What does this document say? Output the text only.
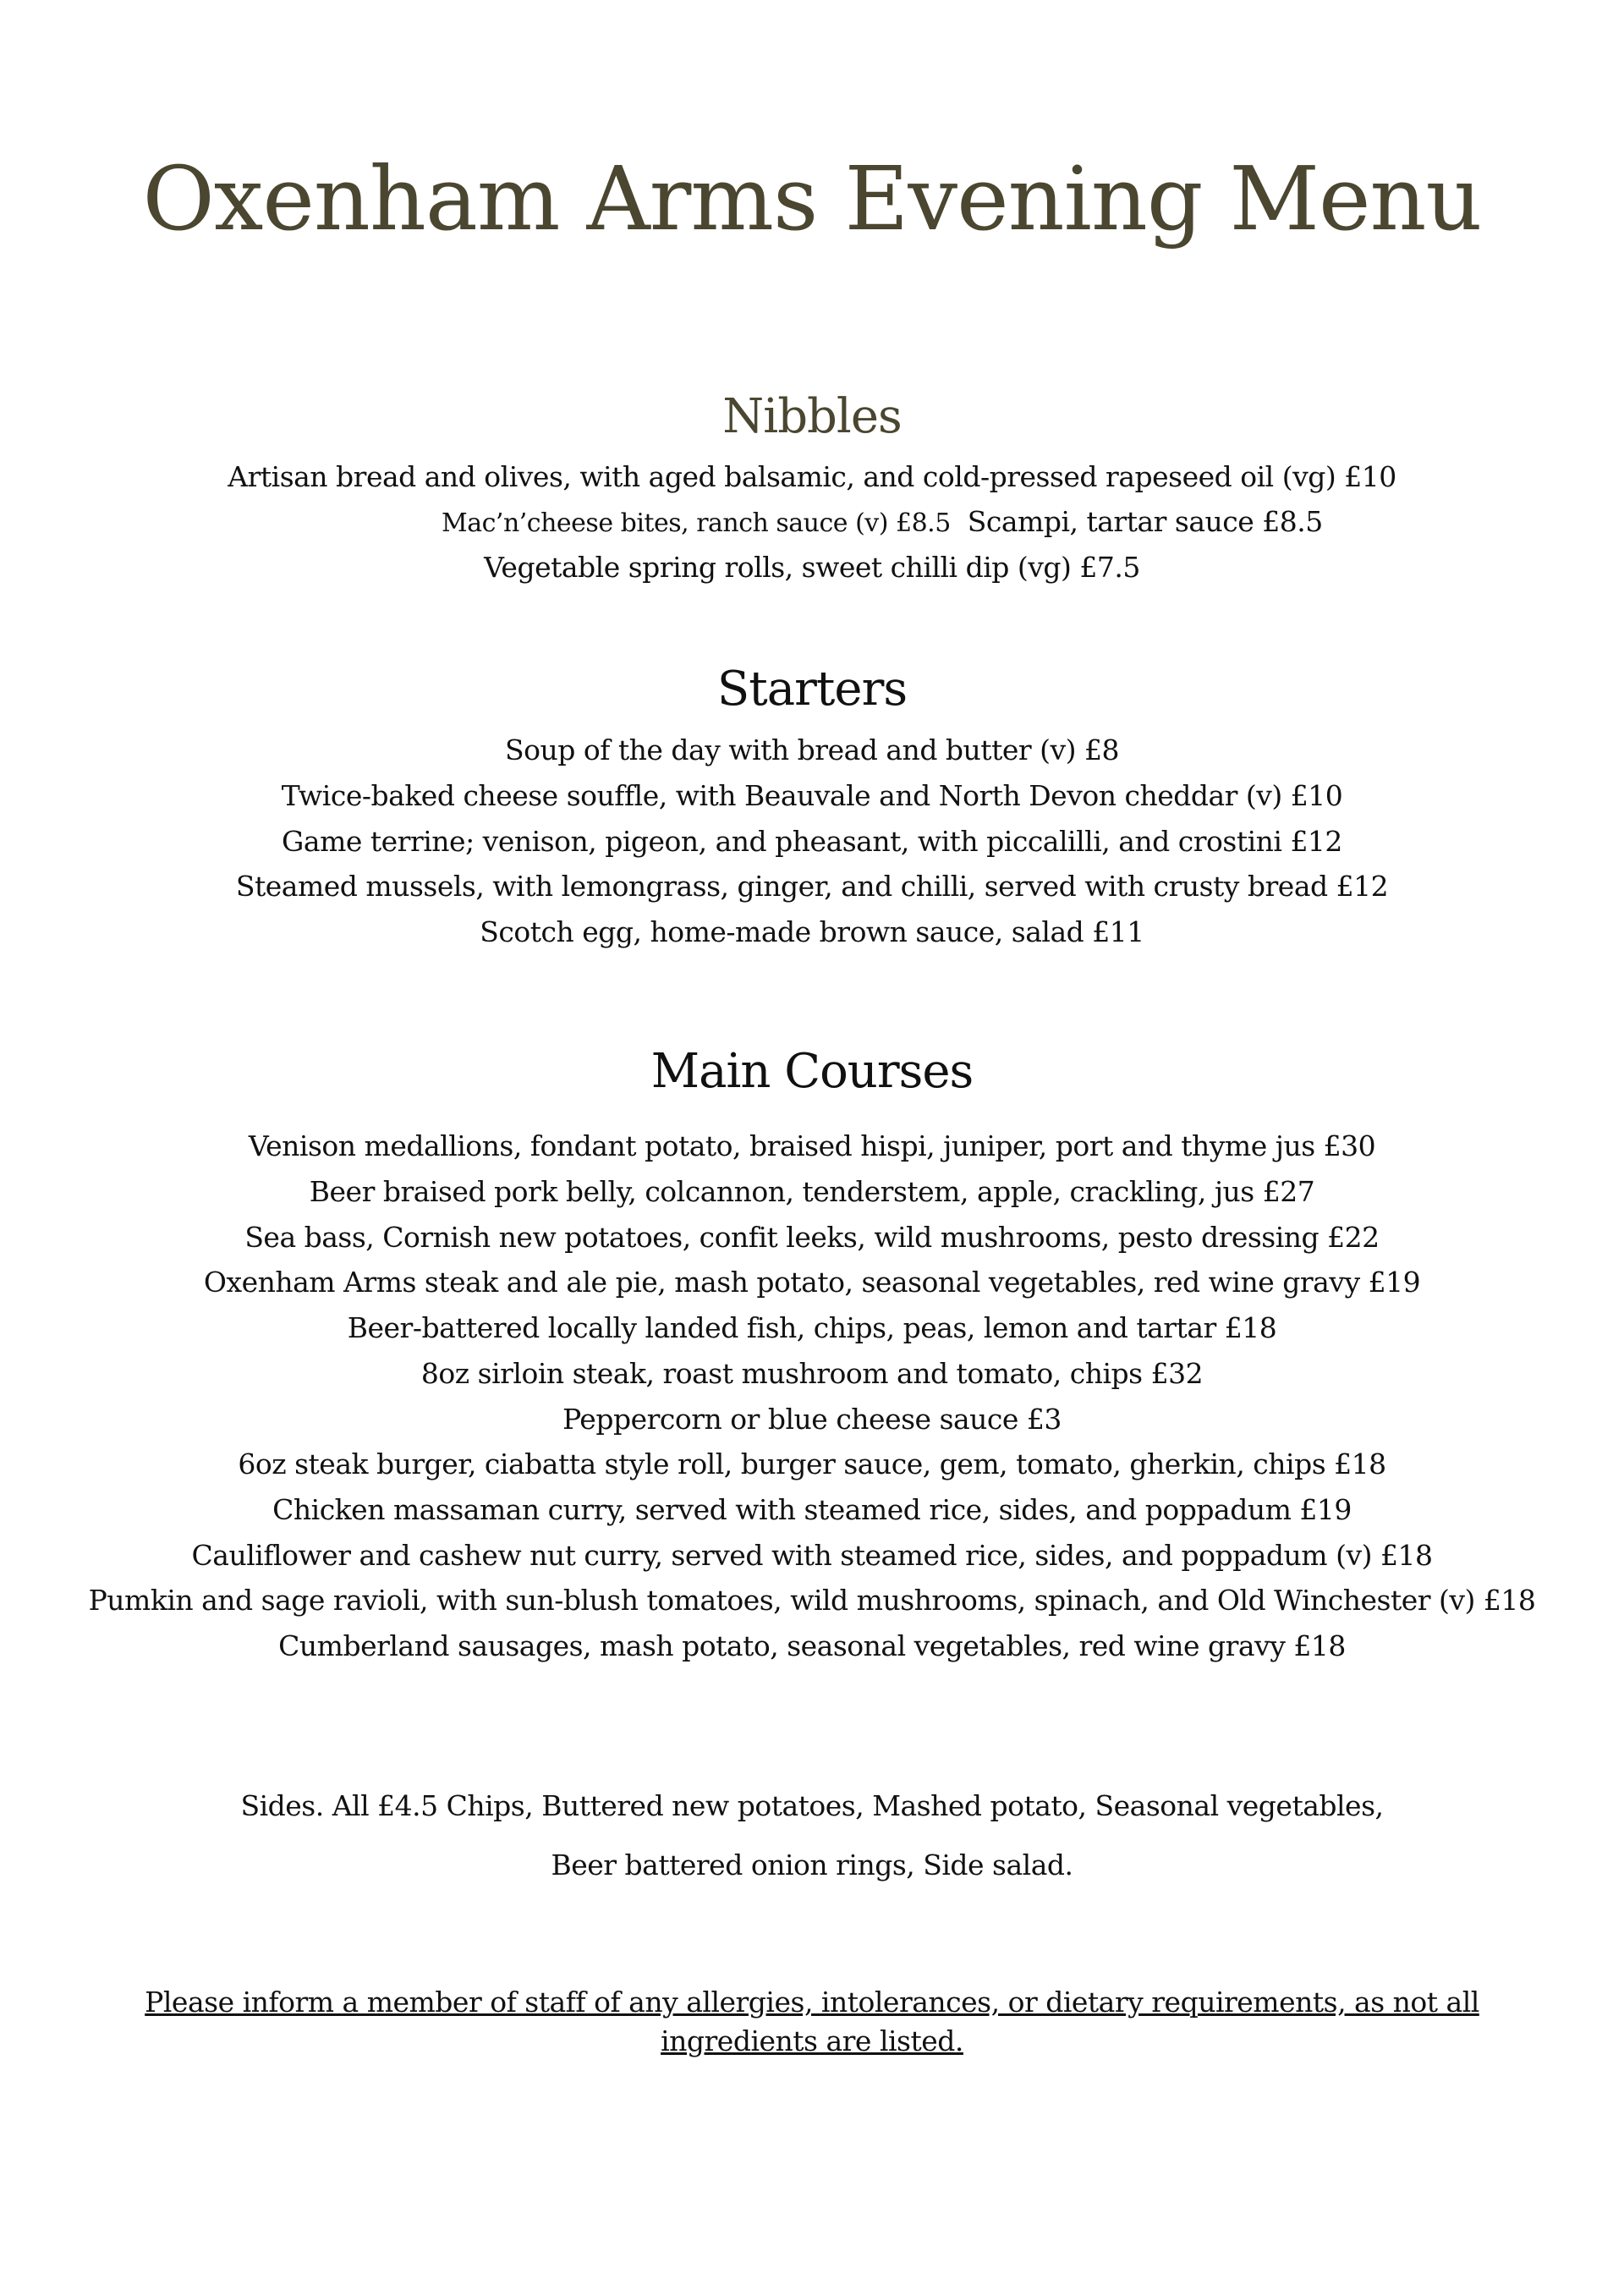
Oxenham Arms Evening Menu
Nibbles
Artisan bread and olives, with aged balsamic, and cold-pressed rapeseed oil (vg) £10
Mac’n’cheese bites, ranch sauce (v) £8.5 Scampi, tartar sauce £8.5
Vegetable spring rolls, sweet chilli dip (vg) £7.5
Starters
Soup of the day with bread and butter (v) £8
Twice-baked cheese souffle, with Beauvale and North Devon cheddar (v) £10
Game terrine; venison, pigeon, and pheasant, with piccalilli, and crostini £12
Steamed mussels, with lemongrass, ginger, and chilli, served with crusty bread £12
Scotch egg, home-made brown sauce, salad £11
Main Courses
Venison medallions, fondant potato, braised hispi, juniper, port and thyme jus £30
Beer braised pork belly, colcannon, tenderstem, apple, crackling, jus £27
Sea bass, Cornish new potatoes, confit leeks, wild mushrooms, pesto dressing £22
Oxenham Arms steak and ale pie, mash potato, seasonal vegetables, red wine gravy £19
Beer-battered locally landed fish, chips, peas, lemon and tartar £18
8oz sirloin steak, roast mushroom and tomato, chips £32
Peppercorn or blue cheese sauce £3
6oz steak burger, ciabatta style roll, burger sauce, gem, tomato, gherkin, chips £18
Chicken massaman curry, served with steamed rice, sides, and poppadum £19
Cauliflower and cashew nut curry, served with steamed rice, sides, and poppadum (v) £18
Pumkin and sage ravioli, with sun-blush tomatoes, wild mushrooms, spinach, and Old Winchester (v) £18
Cumberland sausages, mash potato, seasonal vegetables, red wine gravy £18
Sides. All £4.5 Chips, Buttered new potatoes, Mashed potato, Seasonal vegetables,
Beer battered onion rings, Side salad.
Please inform a member of staff of any allergies, intolerances, or dietary requirements, as not all ingredients are listed.
